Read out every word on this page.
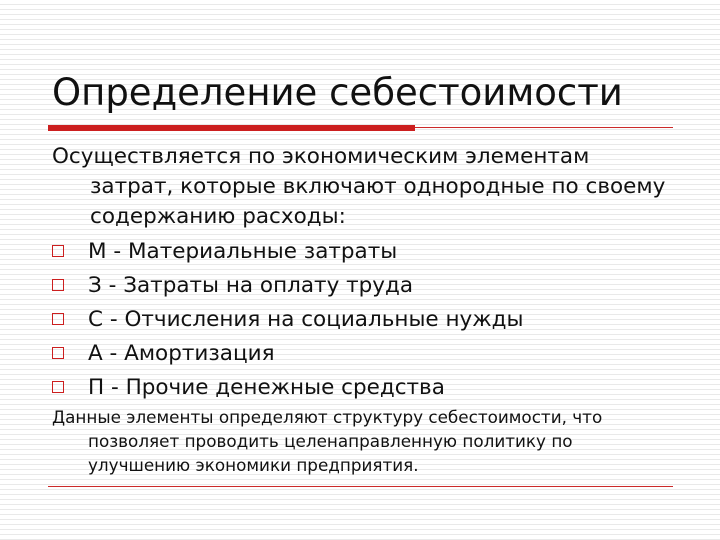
Определение себестоимости

Осуществляется по экономическим элементам затрат, которые включают однородные по своему содержанию расходы:

М - Материальные затраты
З - Затраты на оплату труда
С - Отчисления на социальные нужды
А - Амортизация
П - Прочие денежные средства

Данные элементы определяют структуру себестоимости, что позволяет проводить целенаправленную политику по улучшению экономики предприятия.
